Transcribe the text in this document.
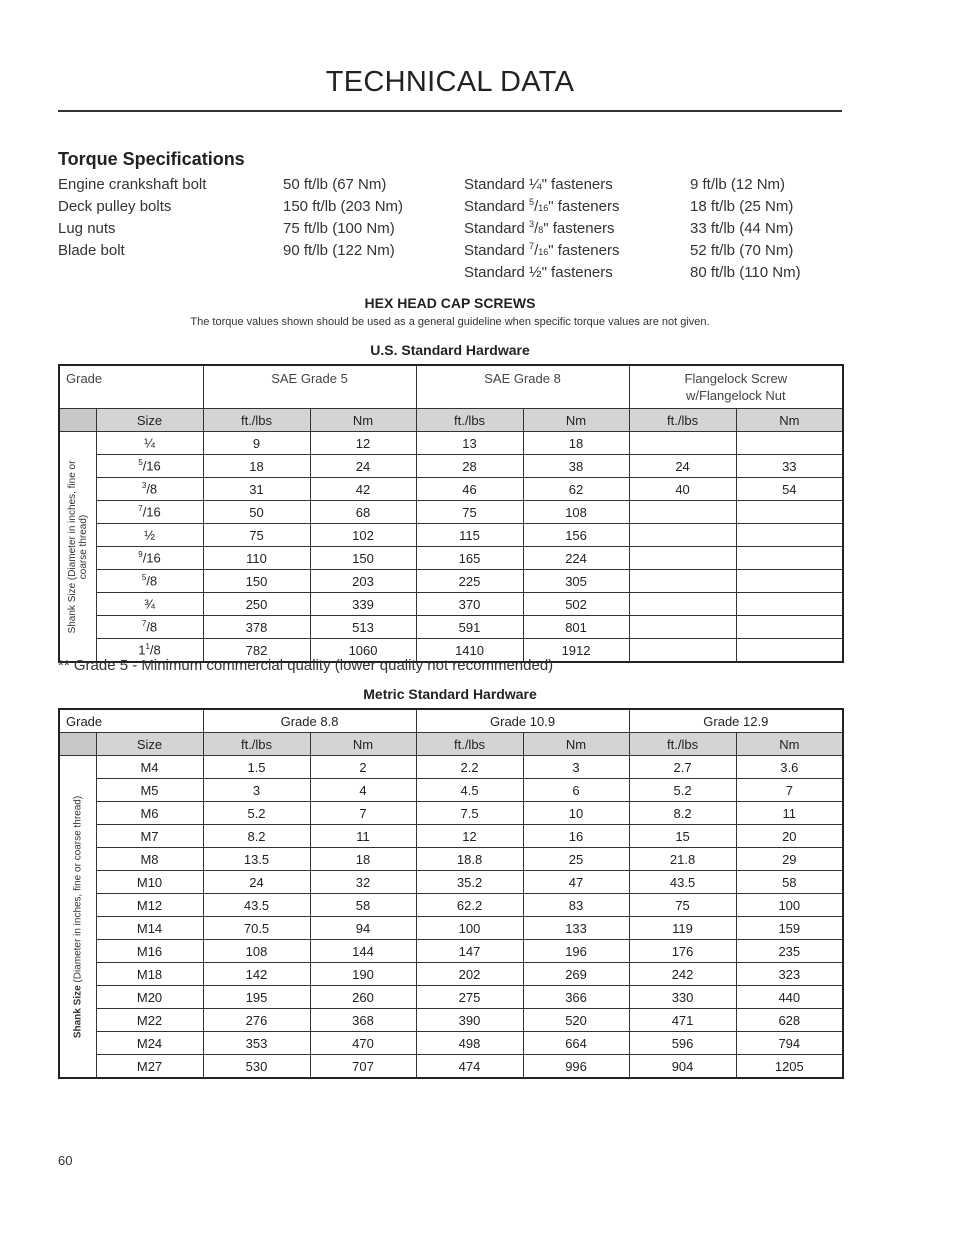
TECHNICAL DATA
Torque Specifications
Engine crankshaft bolt	50 ft/lb (67 Nm)	Standard ¼" fasteners	9 ft/lb (12 Nm)
Deck pulley bolts	150 ft/lb (203 Nm)	Standard $^5$/16" fasteners	18 ft/lb (25 Nm)
Lug nuts	75 ft/lb (100 Nm)	Standard $^3$/8" fasteners	33 ft/lb (44 Nm)
Blade bolt	90 ft/lb (122 Nm)	Standard $^7$/16" fasteners	52 ft/lb (70 Nm)
Standard ½" fasteners	80 ft/lb (110 Nm)
HEX HEAD CAP SCREWS
The torque values shown should be used as a general guideline when specific torque values are not given.
U.S. Standard Hardware
Grade		SAE Grade 5		SAE Grade 8		Flangelock Screw
w/Flangelock Nut	
	Size	ft./lbs	Nm	ft./lbs	Nm	ft./lbs	Nm

Shank Size (Diameter in inches, fine or
coarse thread)	¼	9	12	13	18		
	$^5$/16	18	24	28	38	24	33
	$^3$/8	31	42	46	62	40	54
	$^7$/16	50	68	75	108		
	½	75	102	115	156		
	$^9$/16	110	150	165	224		
	$^5$/8	150	203	225	305		
	¾	250	339	370	502		
	$^7$/8	378	513	591	801		
	$1^1/8$	782	1060	1410	1912		
** Grade 5 - Minimum commercial quality (lower quality not recommended)
Metric Standard Hardware
Grade		Grade 8.8		Grade 10.9		Grade 12.9	
	Size	ft./lbs	Nm	ft./lbs	Nm	ft./lbs	Nm

Shank Size (Diameter in inches, fine or coarse thread)	M4	1.5	2	2.2	3	2.7	3.6
	M5	3	4	4.5	6	5.2	7
	M6	5.2	7	7.5	10	8.2	11
	M7	8.2	11	12	16	15	20
	M8	13.5	18	18.8	25	21.8	29
	M10	24	32	35.2	47	43.5	58
	M12	43.5	58	62.2	83	75	100
	M14	70.5	94	100	133	119	159
	M16	108	144	147	196	176	235
	M18	142	190	202	269	242	323
	M20	195	260	275	366	330	440
	M22	276	368	390	520	471	628
	M24	353	470	498	664	596	794
	M27	530	707	474	996	904	1205
60
